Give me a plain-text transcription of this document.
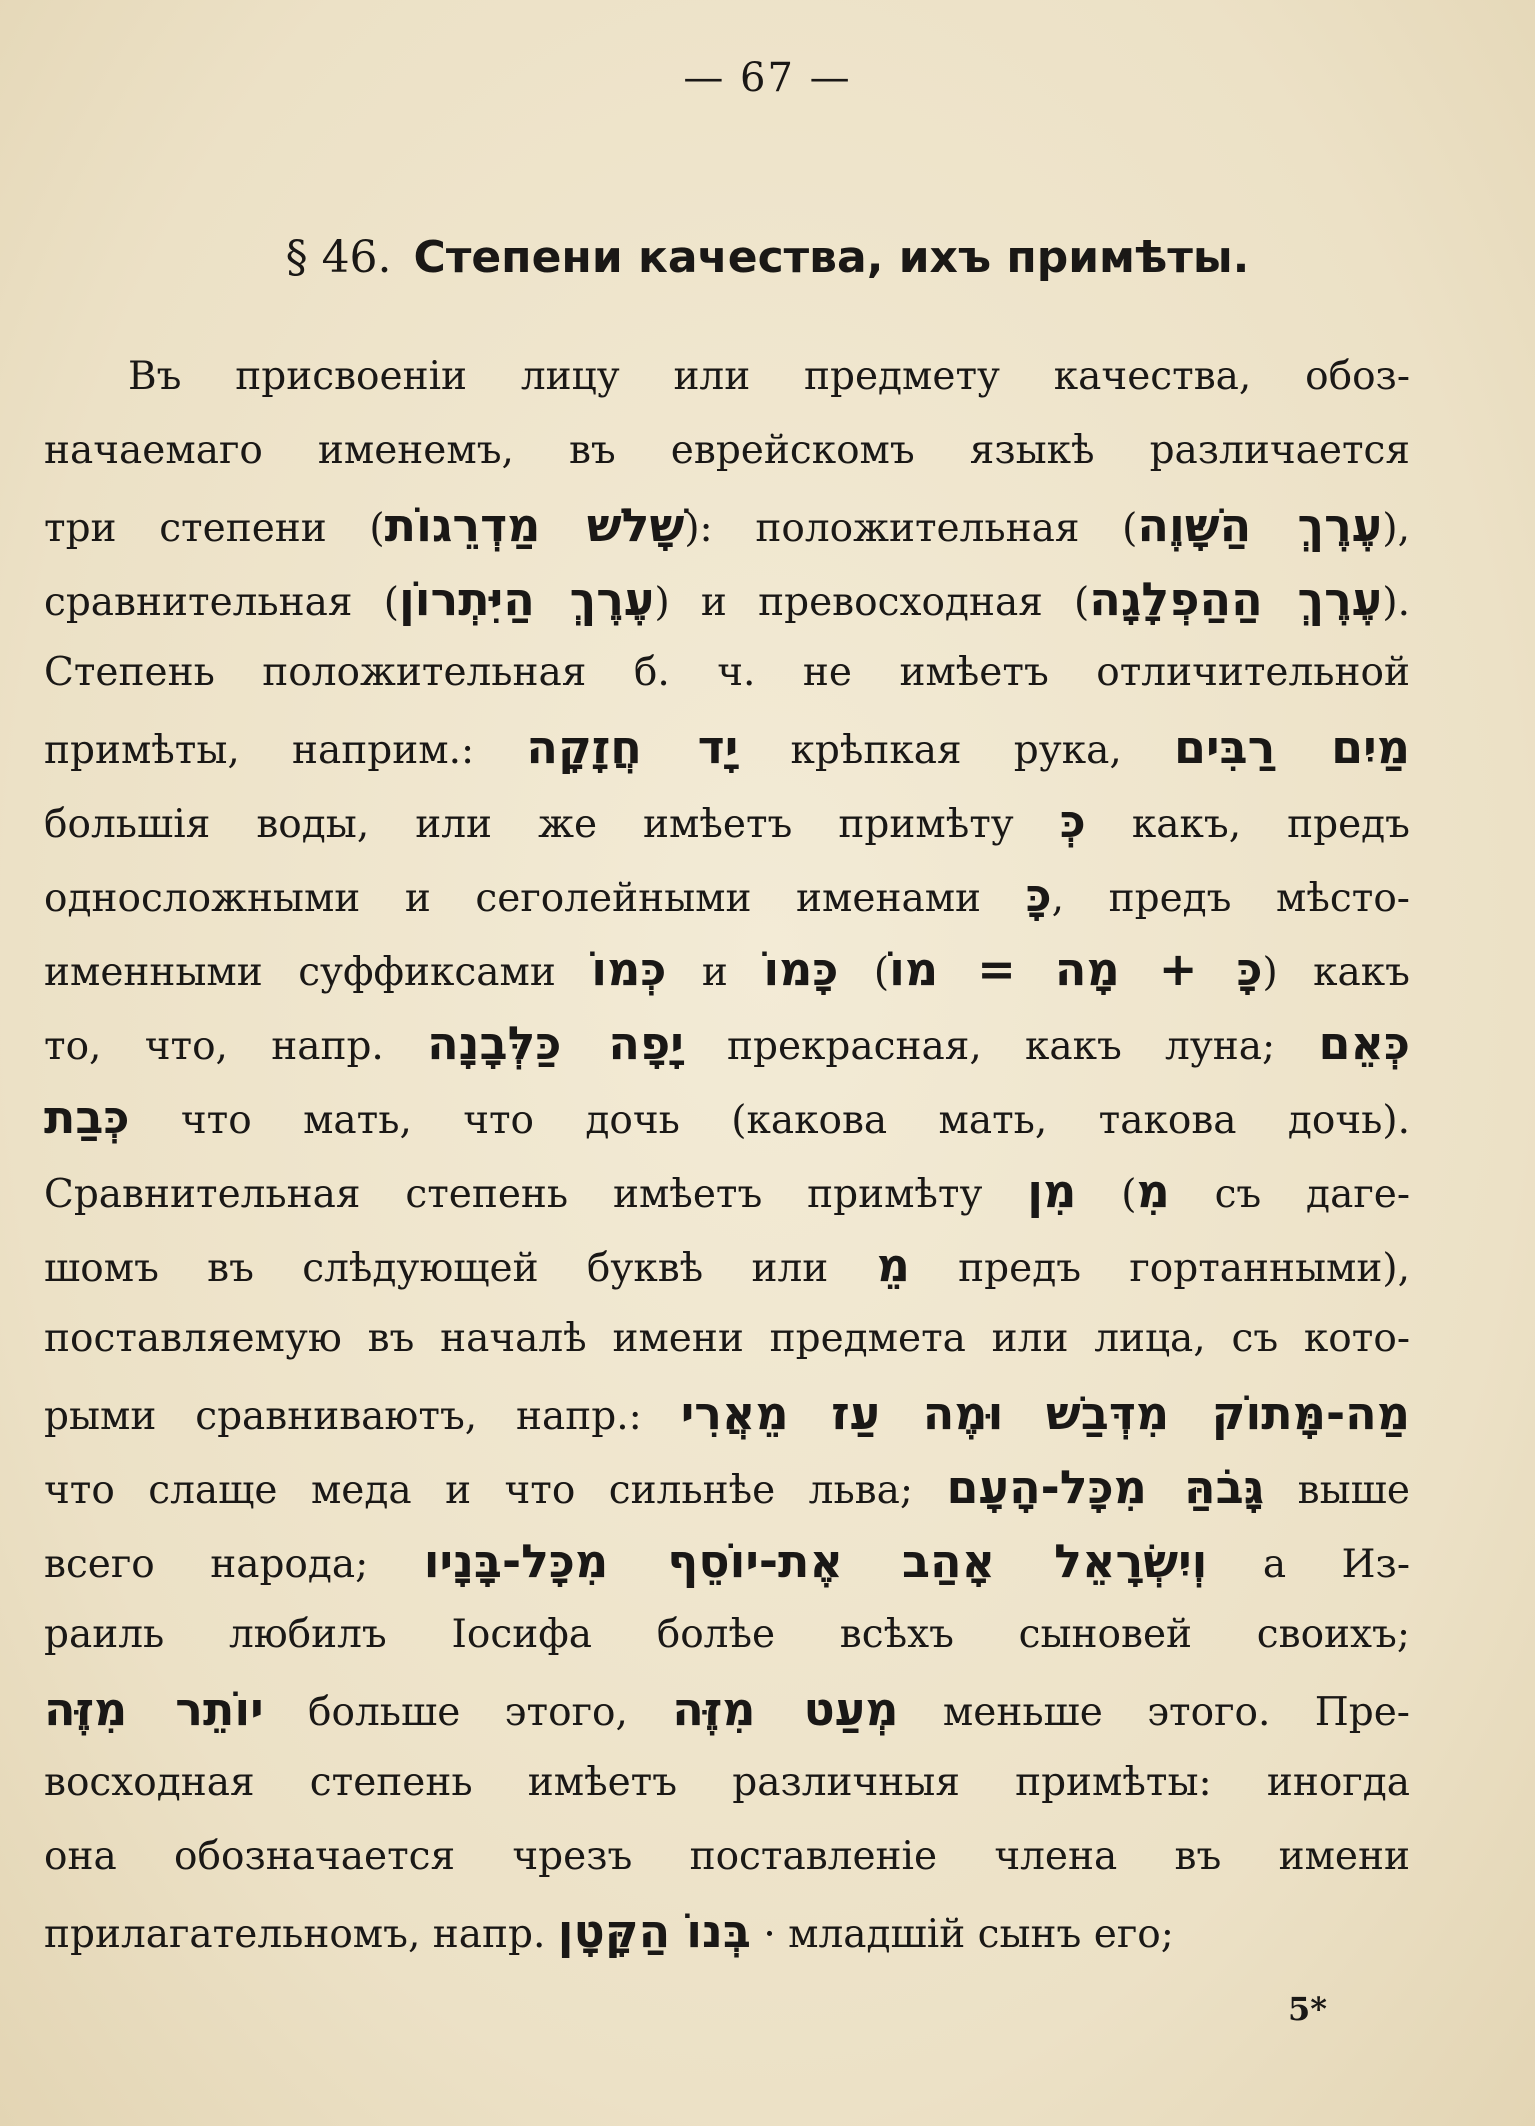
— 67 —
§ 46. Степени качества, ихъ примѣты.
Въ присвоенiи лицу или предмету качества, обоз-
начаемаго именемъ, въ еврейскомъ языкѣ различается
три степени (שָׁלשׁ מַדְרֵגוֹת): положительная (עֶרֶךְ הַשָּׁוֶה),
сравнительная (עֶרֶךְ הַיִּתְרוֹן) и превосходная (עֶרֶךְ הַהַפְלָגָה).
Степень положительная б. ч. не имѣетъ отличительной
примѣты, наприм.: יָד חֲזָקָה крѣпкая рука, מַיִם רַבִּים
большiя воды, или же имѣетъ примѣту כְּ какъ, предъ
односложными и сеголейными именами כָּ, предъ мѣсто-
именными суффиксами כְּמוֹ и כָּמוֹ (כָּ + מָה = מוֹ) какъ
то, что, напр. יָפָה כַּלְּבָנָה прекрасная, какъ луна; כְּאֵם
כְּבַת что мать, что дочь (какова мать, такова дочь).
Сравнительная степень имѣетъ примѣту מִן (מִ съ даге-
шомъ въ слѣдующей буквѣ или מֵ предъ гортанными),
поставляемую въ началѣ имени предмета или лица, съ кото-
рыми сравниваютъ, напр.: מַה-מָּתוֹק מִדְּבַשׁ וּמֶה עַז מֵאֲרִי
что слаще меда и что сильнѣе льва; גָּבֹהַּ מִכָּל-הָעָם выше
всего народа; וְיִשְׂרָאֵל אָהַב אֶת-יוֹסֵף מִכָּל-בָּנָיו а Из-
раиль любилъ Iосифа болѣе всѣхъ сыновей своихъ;
יוֹתֵר מִזֶּה больше этого, מְעַט מִזֶּה меньше этого. Пре-
восходная степень имѣетъ различныя примѣты: иногда
она обозначается чрезъ поставленiе члена въ имени
прилагательномъ, напр. בְּנוֹ הַקָּטָן · младшiй сынъ его;
5*
